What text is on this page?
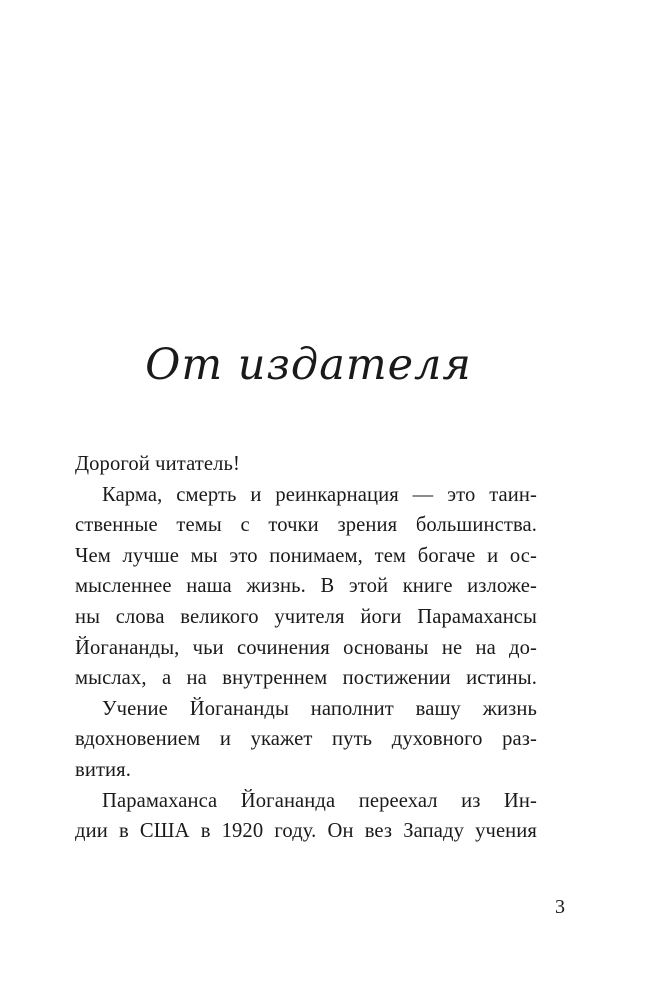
От издателя
Дорогой читатель!
Карма, смерть и реинкарнация — это таин-
ственные темы с точки зрения большинства.
Чем лучше мы это понимаем, тем богаче и ос-
мысленнее наша жизнь. В этой книге изложе-
ны слова великого учителя йоги Парамахансы
Йогананды, чьи сочинения основаны не на до-
мыслах, а на внутреннем постижении истины.
Учение Йогананды наполнит вашу жизнь
вдохновением и укажет путь духовного раз-
вития.
Парамаханса Йогананда переехал из Ин-
дии в США в 1920 году. Он вез Западу учения
3
